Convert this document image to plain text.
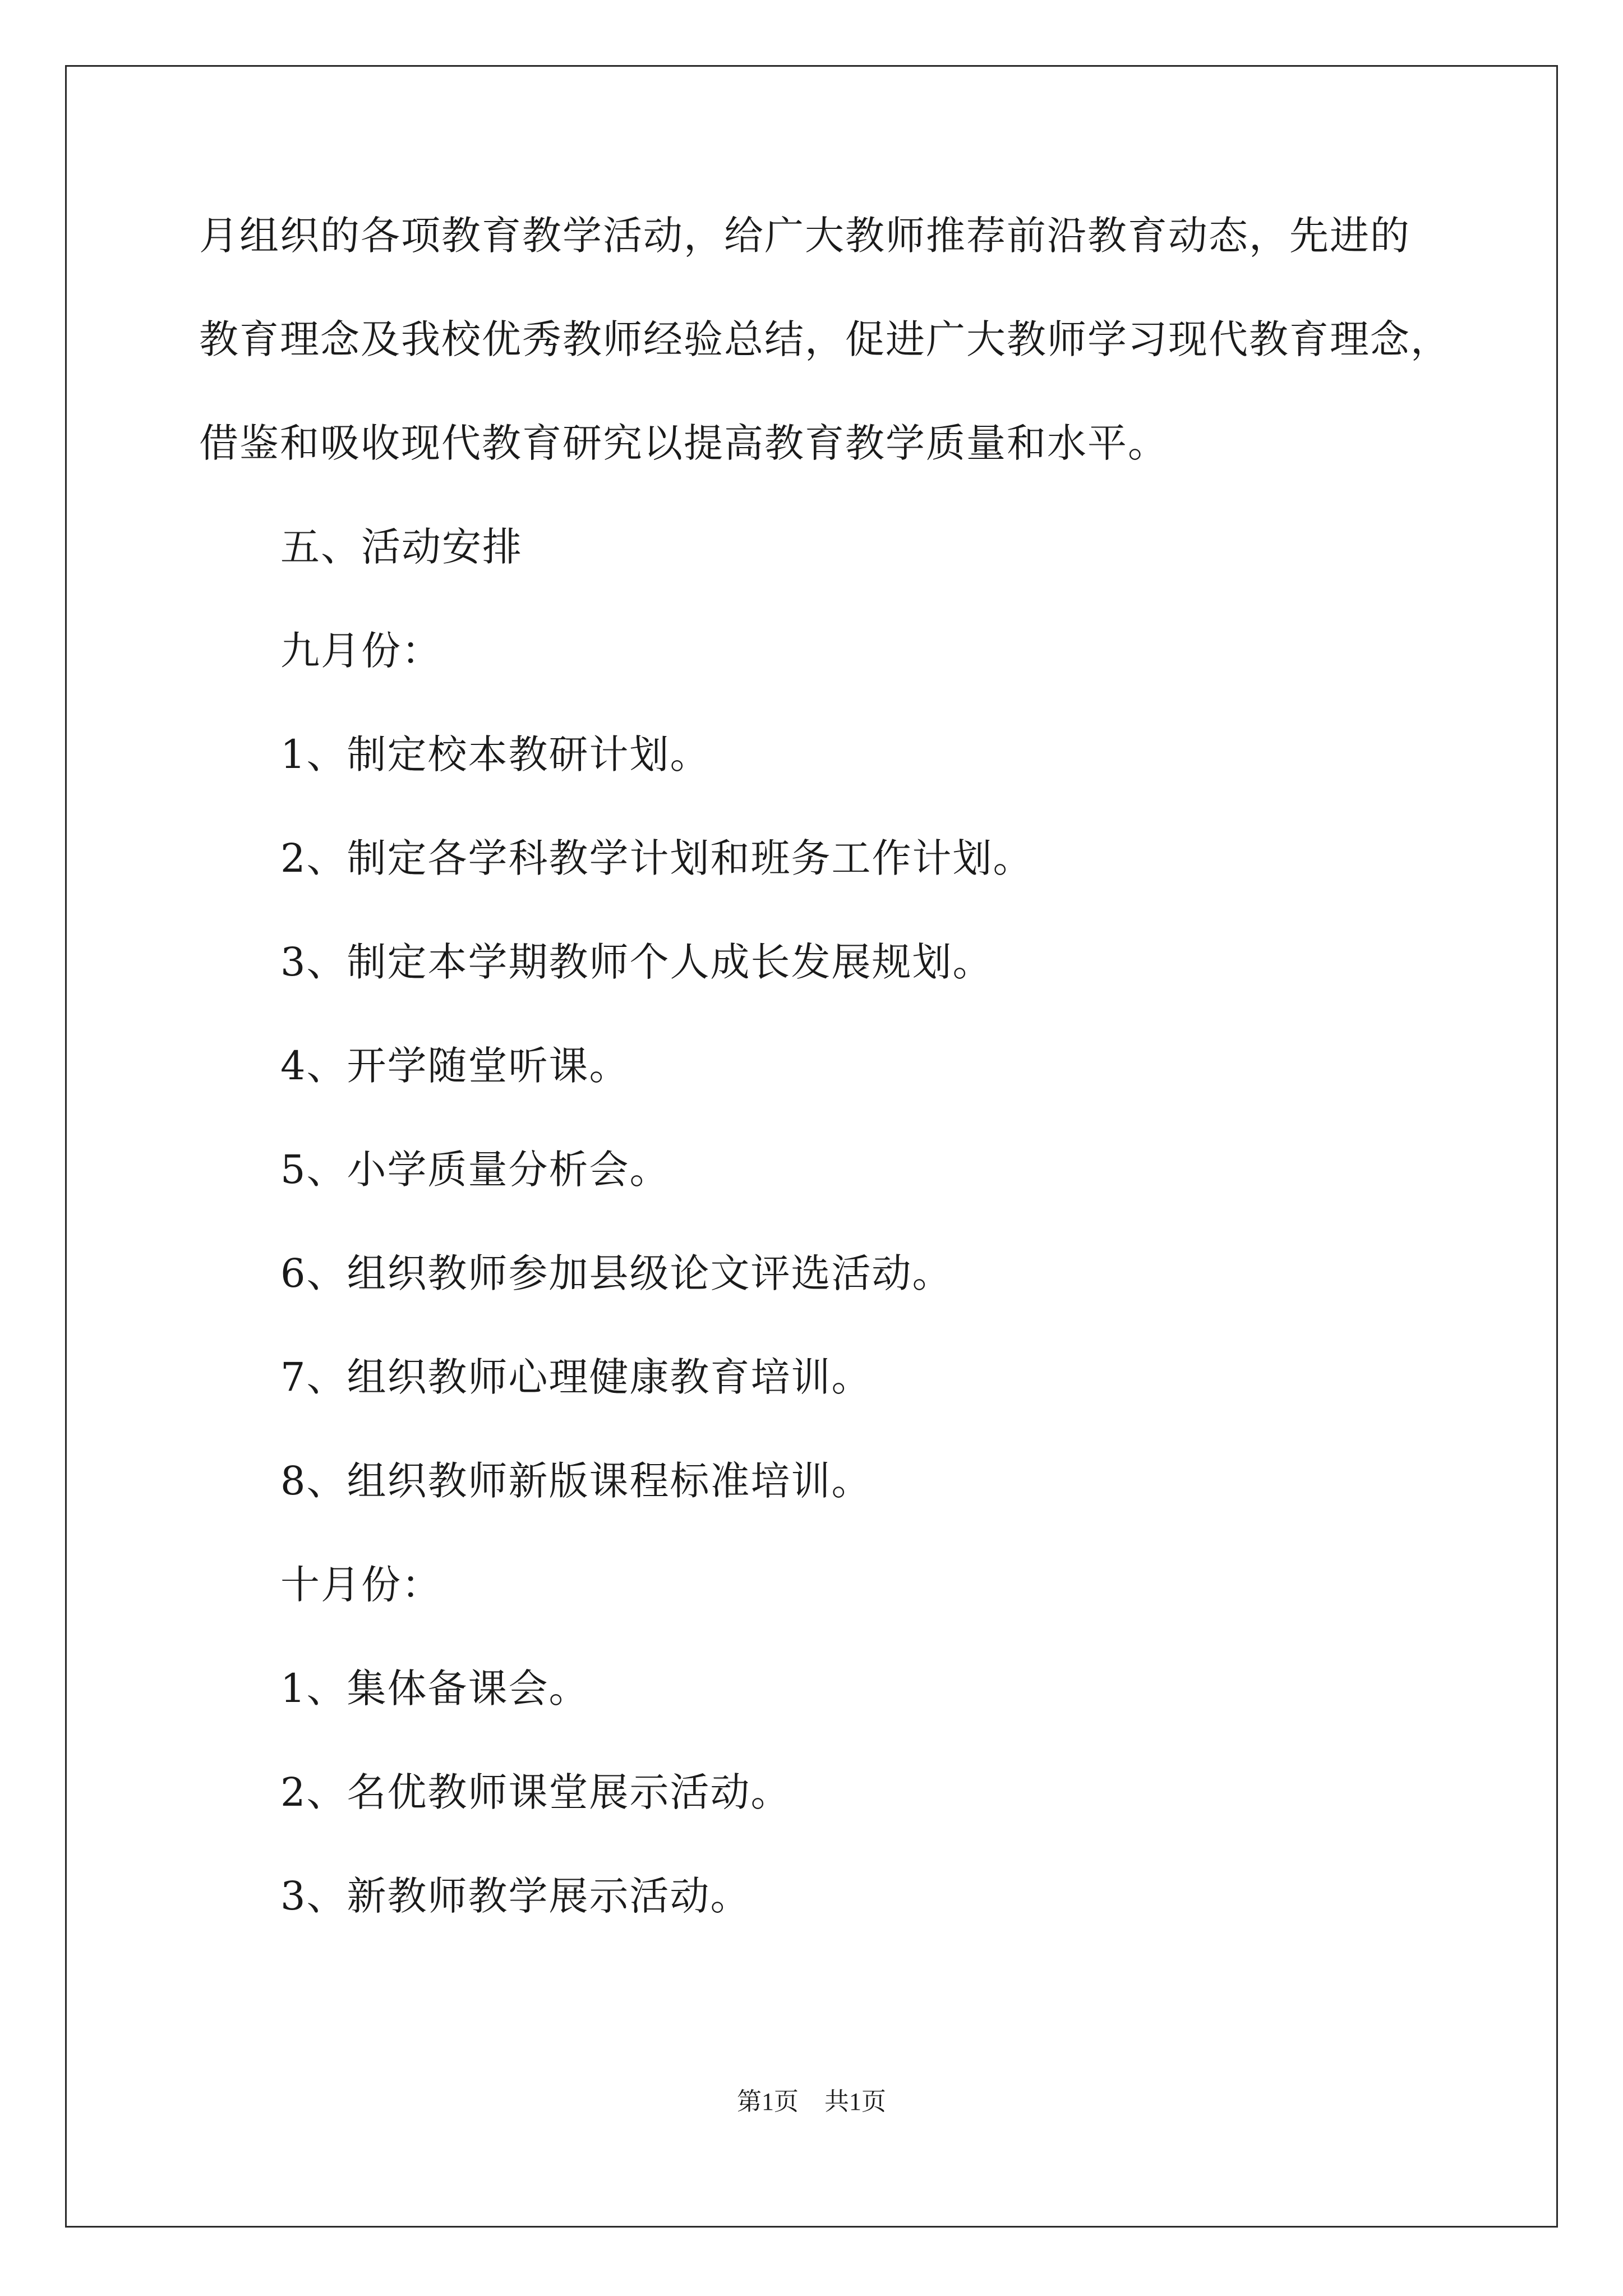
月组织的各项教育教学活动，给广大教师推荐前沿教育动态，先进的

教育理念及我校优秀教师经验总结，促进广大教师学习现代教育理念，

借鉴和吸收现代教育研究以提高教育教学质量和水平。

五、活动安排

九月份：

1、制定校本教研计划。

2、制定各学科教学计划和班务工作计划。

3、制定本学期教师个人成长发展规划。

4、开学随堂听课。

5、小学质量分析会。

6、组织教师参加县级论文评选活动。

7、组织教师心理健康教育培训。

8、组织教师新版课程标准培训。

十月份：

1、集体备课会。

2、名优教师课堂展示活动。

3、新教师教学展示活动。

第1页 共1页
